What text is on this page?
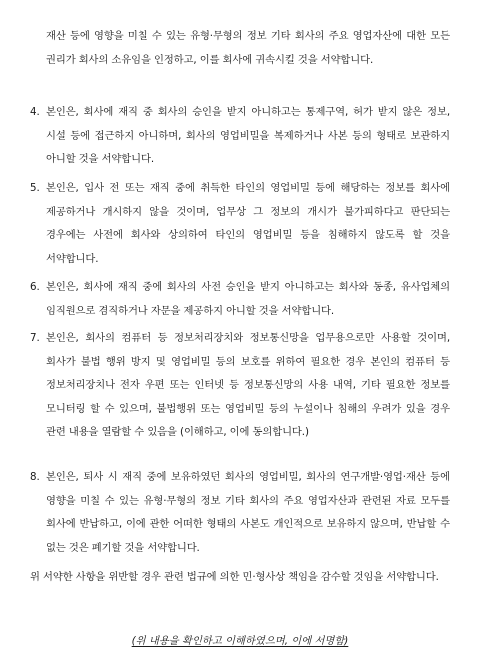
재산 등에 영향을 미칠 수 있는 유형·무형의 정보 기타 회사의 주요 영업자산에 대한 모든 권리가 회사의 소유임을 인정하고, 이를 회사에 귀속시킬 것을 서약합니다.
4. 본인은, 회사에 재직 중 회사의 승인을 받지 아니하고는 통제구역, 허가 받지 않은 정보, 시설 등에 접근하지 아니하며, 회사의 영업비밀을 복제하거나 사본 등의 형태로 보관하지 아니할 것을 서약합니다.
5. 본인은, 입사 전 또는 재직 중에 취득한 타인의 영업비밀 등에 해당하는 정보를 회사에 제공하거나 개시하지 않을 것이며, 업무상 그 정보의 개시가 불가피하다고 판단되는 경우에는 사전에 회사와 상의하여 타인의 영업비밀 등을 침해하지 않도록 할 것을 서약합니다.
6. 본인은, 회사에 재직 중에 회사의 사전 승인을 받지 아니하고는 회사와 동종, 유사업체의 임직원으로 겸직하거나 자문을 제공하지 아니할 것을 서약합니다.
7. 본인은, 회사의 컴퓨터 등 정보처리장치와 정보통신망을 업무용으로만 사용할 것이며, 회사가 불법 행위 방지 및 영업비밀 등의 보호를 위하여 필요한 경우 본인의 컴퓨터 등 정보처리장치나 전자 우편 또는 인터넷 등 정보통신망의 사용 내역, 기타 필요한 정보를 모니터링 할 수 있으며, 불법행위 또는 영업비밀 등의 누설이나 침해의 우려가 있을 경우 관련 내용을 열람할 수 있음을 (이해하고, 이에 동의합니다.)
8. 본인은, 퇴사 시 재직 중에 보유하였던 회사의 영업비밀, 회사의 연구개발·영업·재산 등에 영향을 미칠 수 있는 유형·무형의 정보 기타 회사의 주요 영업자산과 관련된 자료 모두를 회사에 반납하고, 이에 관한 어떠한 형태의 사본도 개인적으로 보유하지 않으며, 반납할 수 없는 것은 폐기할 것을 서약합니다.
위 서약한 사항을 위반할 경우 관련 법규에 의한 민·형사상 책임을 감수할 것임을 서약합니다.
(위 내용을 확인하고 이해하였으며, 이에 서명함)
